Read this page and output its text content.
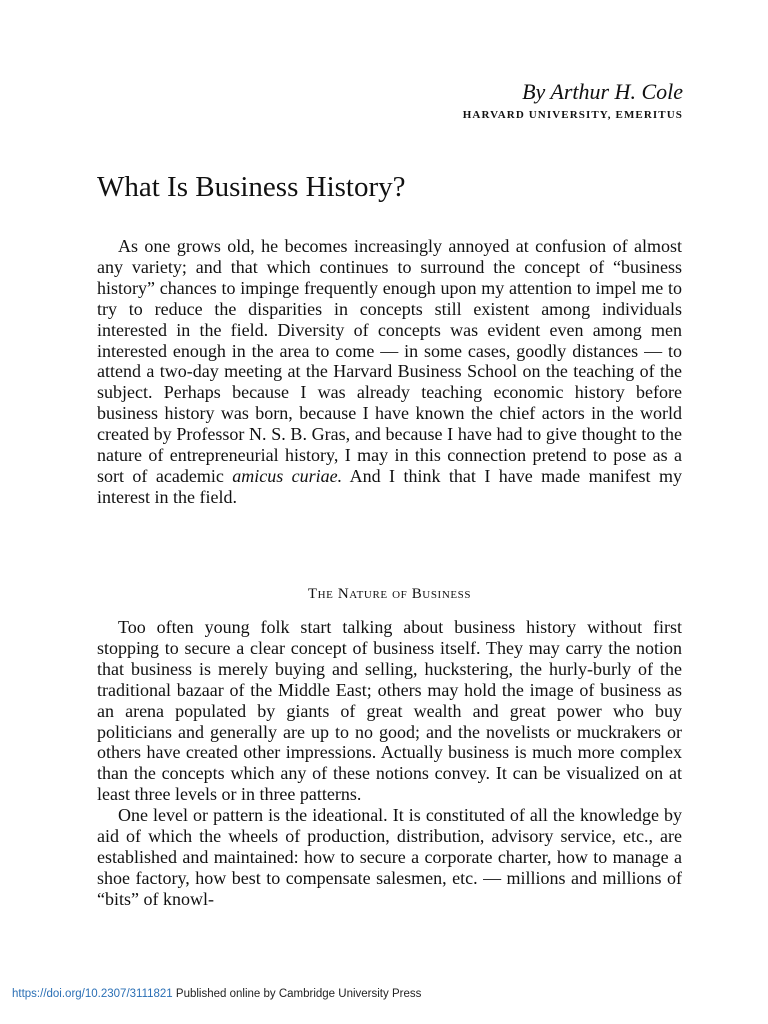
By Arthur H. Cole
HARVARD UNIVERSITY, EMERITUS
What Is Business History?

As one grows old, he becomes increasingly annoyed at confusion of almost any variety; and that which continues to surround the concept of “business history” chances to impinge frequently enough upon my attention to impel me to try to reduce the disparities in concepts still existent among individuals interested in the field. Diversity of concepts was evident even among men interested enough in the area to come — in some cases, goodly distances — to attend a two-day meeting at the Harvard Business School on the teaching of the subject. Perhaps because I was already teaching economic history before business history was born, because I have known the chief actors in the world created by Professor N. S. B. Gras, and because I have had to give thought to the nature of entrepreneurial history, I may in this connection pretend to pose as a sort of academic amicus curiae. And I think that I have made manifest my interest in the field.

The Nature of Business

Too often young folk start talking about business history without first stopping to secure a clear concept of business itself. They may carry the notion that business is merely buying and selling, huckstering, the hurly-burly of the traditional bazaar of the Middle East; others may hold the image of business as an arena populated by giants of great wealth and great power who buy politicians and generally are up to no good; and the novelists or muckrakers or others have created other impressions. Actually business is much more complex than the concepts which any of these notions convey. It can be visualized on at least three levels or in three patterns.

One level or pattern is the ideational. It is constituted of all the knowledge by aid of which the wheels of production, distribution, advisory service, etc., are established and maintained: how to secure a corporate charter, how to manage a shoe factory, how best to compensate salesmen, etc. — millions and millions of “bits” of knowl-

https://doi.org/10.2307/3111821 Published online by Cambridge University Press
